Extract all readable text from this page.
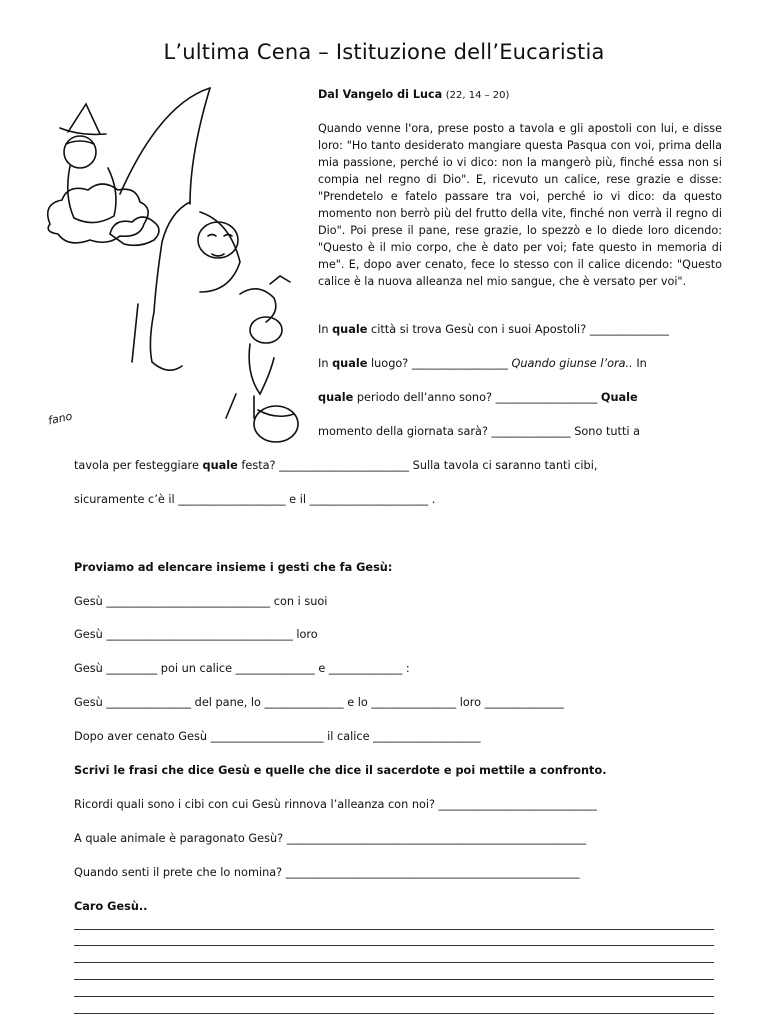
L’ultima Cena – Istituzione dell’Eucaristia
fano
Dal Vangelo di Luca (22, 14 – 20)
Quando venne l'ora, prese posto a tavola e gli apostoli con lui, e disse loro: "Ho tanto desiderato mangiare questa Pasqua con voi, prima della mia passione, perché io vi dico: non la mangerò più, finché essa non si compia nel regno di Dio". E, ricevuto un calice, rese grazie e disse: "Prendetelo e fatelo passare tra voi, perché io vi dico: da questo momento non berrò più del frutto della vite, finché non verrà il regno di Dio". Poi prese il pane, rese grazie, lo spezzò e lo diede loro dicendo: "Questo è il mio corpo, che è dato per voi; fate questo in memoria di me". E, dopo aver cenato, fece lo stesso con il calice dicendo: "Questo calice è la nuova alleanza nel mio sangue, che è versato per voi".
In quale città si trova Gesù con i suoi Apostoli? ______________
In quale luogo? _________________ Quando giunse l’ora.. In
quale periodo dell’anno sono? __________________ Quale
momento della giornata sarà? ______________ Sono tutti a
tavola per festeggiare quale festa? _______________________ Sulla tavola ci saranno tanti cibi,
sicuramente c’è il ___________________ e il _____________________ .
Proviamo ad elencare insieme i gesti che fa Gesù:
Gesù _____________________________ con i suoi
Gesù _________________________________ loro
Gesù _________ poi un calice ______________ e _____________ :
Gesù _______________ del pane, lo ______________ e lo _______________ loro ______________
Dopo aver cenato Gesù ____________________ il calice ___________________
Scrivi le frasi che dice Gesù e quelle che dice il sacerdote e poi mettile a confronto.
Ricordi quali sono i cibi con cui Gesù rinnova l’alleanza con noi? ____________________________
A quale animale è paragonato Gesù? _____________________________________________________
Quando senti il prete che lo nomina? ____________________________________________________
Caro Gesù..
